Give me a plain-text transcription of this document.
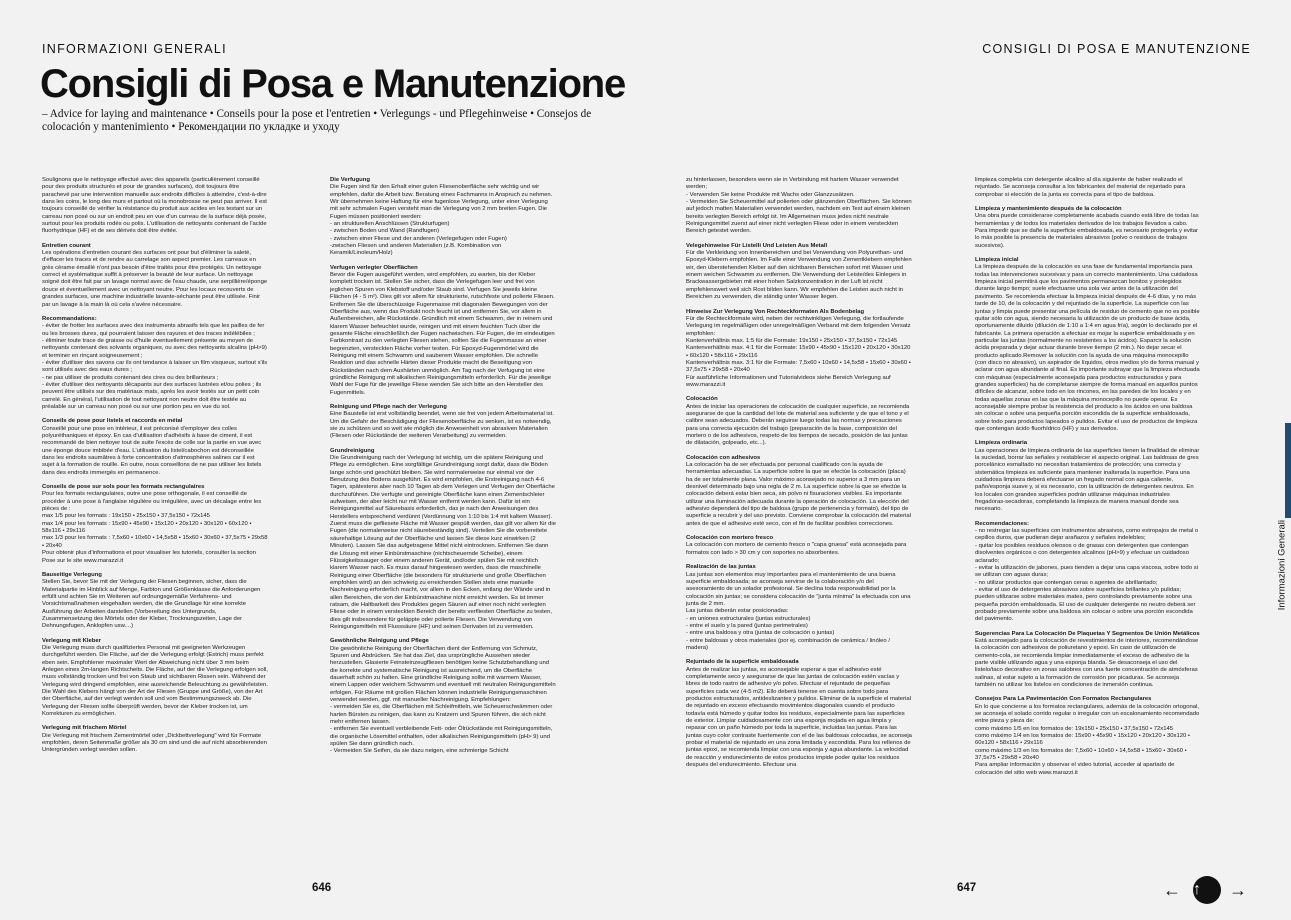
INFORMAZIONI GENERALI
Consigli di Posa e Manutenzione
– Advice for laying and maintenance • Conseils pour la pose et l'entretien • Verlegungs - und Pflegehinweise • Consejos de colocación y mantenimiento • Рекомендации по укладке и уходу

Soulignons que le nettoyage effectué avec des appareils (particulièrement conseillé pour des produits structurés et pour de grandes surfaces), doit toujours être parachevé par une intervention manuelle aux endroits difficiles à atteindre, c'est-à-dire dans les coins, le long des murs et partout où la monobrosse ne peut pas arriver. Il est toujours conseillé de vérifier la résistance du produit aux acides en les testant sur un carreau non posé ou sur un endroit peu en vue d'un carreau de la surface déjà posée, surtout pour les produits rodés ou polis. L'utilisation de nettoyants contenant de l'acide fluorhydrique (HF) et de ses dérivés doit être évitée.

Entretien courant

Les opérations d'entretien courant des surfaces ont pour but d'éliminer la saleté, d'effacer les traces et de rendre au carrelage son aspect premier. Les carreaux en grès cérame émaillé n'ont pas besoin d'être traités pour être protégés. Un nettoyage correct et systématique suffit à préserver la beauté de leur surface. Un nettoyage soigné doit être fait par un lavage normal avec de l'eau chaude, une serpillière/éponge douce et éventuellement avec un nettoyant neutre. Pour les locaux recouverts de grandes surfaces, une machine industrielle lavante-séchante peut être utilisée. Finir par un lavage à la main là où cela s'avère nécessaire.

Recommandations:

- éviter de frotter les surfaces avec des instruments abrasifs tels que les pailles de fer ou les brosses dures, qui pourraient laisser des rayures et des traces indélébiles ;
- éliminer toute trace de graisse ou d'huile éventuellement présente au moyen de nettoyants contenant des solvants organiques, ou avec des nettoyants alcalins (pH>9) et terminer en rinçant soigneusement ;
- éviter d'utiliser des savons car ils ont tendance à laisser un film visqueux, surtout s'ils sont utilisés avec des eaux dures ;
- ne pas utiliser de produits contenant des cires ou des brillanteurs ;
- éviter d'utiliser des nettoyants décapants sur des surfaces lustrées et/ou polies ; ils peuvent être utilisés sur des matériaux mats, après les avoir testés sur un petit coin carrelé. En général, l'utilisation de tout nettoyant non neutre doit être testée au préalable sur un carreau non posé ou sur une portion peu en vue du sol.

Conseils de pose pour listels et raccords en métal

Conseillé pour une pose en intérieur, il est préconisé d'employer des colles polyuréthaniques et époxy. En cas d'utilisation d'adhésifs à base de ciment, il est recommandé de bien nettoyer tout de suite l'excès de colle sur la partie en vue avec une éponge douce imbibée d'eau. L'utilisation du listel/cabochon est déconseillée dans les endroits saumâtres à forte concentration d'atmosphères salines car il est sujet à la formation de rouille. En outre, nous conseillons de ne pas utiliser les listels dans des endroits immergés en permanence.

Conseils de pose sur sols pour les formats rectangulaires

Pour les formats rectangulaires, outre une pose orthogonale, il est conseillé de procéder à une pose à l'anglaise régulière ou irrégulière, avec un décalage entre les pièces de :
max 1/5 pour les formats : 19x150 • 25x150 • 37,5x150 • 72x145
max 1/4 pour les formats : 15x90 • 45x90 • 15x120 • 20x120 • 30x120 • 60x120 • 58x116 • 29x116
max 1/3 pour les formats : 7,5x60 • 10x60 • 14,5x58 • 15x60 • 30x60 • 37,5x75 • 29x58 • 20x40
Pour obtenir plus d'informations et pour visualiser les tutoriels, consulter la section Pose sur le site www.marazzi.it

Bauseitige Verlegung

Stellen Sie, bevor Sie mit der Verlegung der Fliesen beginnen, sicher, dass die Materialpartie im Hinblick auf Menge, Farbton und Größenklasse die Anforderungen erfüllt und achten Sie im Weiteren auf ordnungsgemäße Verfahrens- und Vorsichtsmaßnahmen eingehalten werden, die die Grundlage für eine korrekte Ausführung der Arbeiten darstellen (Vorbereitung des Untergrunds, Zusammensetzung des Mörtels oder der Kleber, Trocknungszeiten, Lage der Dehnungsfugen, Anklopfen usw....)

Verlegung mit Kleber

Die Verlegung muss durch qualifiziertes Personal mit geeigneten Werkzeugen durchgeführt werden. Die Fläche, auf der die Verlegung erfolgt (Estrich) muss perfekt eben sein. Empfohlener maximaler Wert der Abweichung nicht über 3 mm beim Anlegen eines 2m-langen Richtscheits. Die Fläche, auf der die Verlegung erfolgen soll, muss vollständig trocken und frei von Staub und sichtbaren Rissen sein. Während der Verlegung wird dringend empfohlen, eine ausreichende Beleuchtung zu gewährleisten. Die Wahl des Klebers hängt von der Art der Fliesen (Gruppe und Größe), von der Art der Oberfläche, auf der verlegt werden soll und vom Bestimmungszweck ab. Die Verlegung der Fliesen sollte überprüft werden, bevor der Kleber trocken ist, um Korrekturen zu ermöglichen.

Verlegung mit frischem Mörtel

Die Verlegung mit frischem Zementmörtel oder „Dickbettverlegung" wird für Formate empfohlen, deren Seitenmaße größer als 30 cm sind und die auf nicht absorbierenden Untergründen verlegt werden sollen.

Die Verfugung

Die Fugen sind für den Erhalt einer guten Fliesenoberfläche sehr wichtig und wir empfehlen, dafür die Arbeit bzw. Beratung eines Fachmanns in Anspruch zu nehmen. Wir übernehmen keine Haftung für eine fugenlose Verlegung, unter einer Verlegung mit sehr schmalen Fugen versteht man die Verlegung von 2 mm breiten Fugen. Die Fugen müssen positioniert werden:
- an strukturellen Anschlüssen (Strukturfugen)
- zwischen Boden und Wand (Randfugen)
- zwischen einer Fliese und der anderen (Verlegefugen oder Fugen)
-zwischen Fliesen und anderen Materialien (z.B. Kombination von Keramik/Linoleum/Holz)

Verfugen verlegter Oberflächen

Bevor die Fugen ausgeführt werden, wird empfohlen, zu warten, bis der Kleber komplett trocken ist. Stellen Sie sicher, dass die Verlegefugen leer und frei von jeglichen Spuren von Klebstoff und/oder Staub sind. Verfugen Sie jeweils kleine Flächen (4 - 5 m²). Dies gilt vor allem für strukturierte, rutschfeste und polierte Fliesen. Entfernen Sie die überschüssige Fugenmasse mit diagonalen Bewegungen von der Oberfläche aus, wenn das Produkt noch feucht ist und entfernen Sie, vor allem in Außenbereichen, alle Rückstände. Gründlich mit einem Schwamm, der in reinem und klarem Wasser befeuchtet wurde, reinigen und mit einem feuchten Tuch über die gesamte Fläche einschließlich der Fugen nachwischen. Für Fugen, die im eindeutigen Farbkontrast zu den verlegten Fliesen stehen, sollten Sie die Fugenmasse an einer begrenzten, versteckten Fläche vorher testen. Für Epoxyd-Fugenmörtel wird die Reinigung mit einem Schwamm und sauberem Wasser empfohlen. Die schnelle Reaktion und das schnelle Härten dieser Produkte macht die Beseitigung von Rückständen nach dem Aushärten unmöglich. Am Tag nach der Verfugung ist eine gründliche Reinigung mit alkalischen Reinigungsmitteln erforderlich. Für die jeweilige Wahl der Fuge für die jeweilige Fliese wenden Sie sich bitte an den Hersteller des Fugenmittels.

Reinigung und Pflege nach der Verlegung

Eine Baustelle ist erst vollständig beendet, wenn sie frei von jedem Arbeitsmaterial ist. Um die Gefahr der Beschädigung der Fliesenoberfläche zu senken, ist es notwendig, sie zu schützen und so weit wie möglich die Anwesenheit von abrasiven Materialien (Fliesen oder Rückstände der weiteren Verarbeitung) zu vermeiden.

Grundreinigung

Die Grundreinigung nach der Verlegung ist wichtig, um die spätere Reinigung und Pflege zu ermöglichen. Eine sorgfältige Grundreinigung sorgt dafür, dass die Böden lange schön und geschützt bleiben. Sie wird normalerweise nur einmal vor der Benutzung des Bodens ausgeführt. Es wird empfohlen, die Erstreinigung nach 4-6 Tagen, spätestens aber nach 10 Tagen ab dem Verlegen und Verfugen der Oberfläche durchzuführen. Die verfugte und gereinigte Oberfläche kann einen Zementschleier aufweisen, der aber leicht nur mit Wasser entfernt werden kann. Dafür ist ein Reinigungsmittel auf Säurebasis erforderlich, das je nach den Anweisungen des Herstellers entsprechend verdünnt (Verdünnung von 1:10 bis 1:4 mit kaltem Wasser). Zuerst muss die gefliesete Fläche mit Wasser gespült werden, das gilt vor allem für die Fugen (die normalerweise nicht säurebeständig sind). Verteilen Sie die vorbereitete säurehaltige Lösung auf der Oberfläche und lassen Sie diese kurz einwirken (2 Minuten). Lassen Sie das aufgetragene Mittel nicht eintrocknen. Entfernen Sie dann die Lösung mit einer Einbürstmaschine (nichtscheuernde Scheibe), einem Flüssigkeitssauger oder einem anderen Gerät, und/oder spülen Sie mit reichlich klarem Wasser nach. Es muss darauf hingewiesen werden, dass die maschinelle Reinigung einer Oberfläche (die besonders für strukturierte und große Oberflächen empfohlen wird) an den schwierig zu erreichenden Stellen stets eine manuelle Nachreinigung erforderlich macht, vor allem in den Ecken, entlang der Wände und in allen Bereichen, die von der Einbürstmaschine nicht erreicht werden. Es ist immer ratsam, die Haltbarkeit des Produktes gegen Säuren auf einer noch nicht verlegten Fliese oder in einem versteckten Bereich der bereits verfliesten Oberfläche zu testen, dies gilt insbesondere für geläppte oder polierte Fliesen. Die Verwendung von Reinigungsmitteln mit Flusssäure (HF) und seinen Derivaten ist zu vermeiden.

Gewöhnliche Reinigung und Pflege

Die gewöhnliche Reinigung der Oberflächen dient der Entfernung von Schmutz, Spuren und Abdrücken. Sie hat das Ziel, das ursprüngliche Aussehen wieder herzustellen. Glasierte Feinsteinzeugfliesen benötigen keine Schutzbehandlung und die korrekte und systematische Reinigung ist ausreichend, um die Oberfläche dauerhaft schön zu halten. Eine gründliche Reinigung sollte mit warmem Wasser, einem Lappen oder weichem Schwamm und eventuell mit neutralen Reinigungsmitteln erfolgen. Für Räume mit großen Flächen können industrielle Reinigungsmaschinen verwendet werden, ggf. mit manueller Nachreinigung. Empfehlungen:
- vermeiden Sie es, die Oberflächen mit Schleifmitteln, wie Scheuerschwämmen oder harten Bürsten zu reinigen, das kann zu Kratzern und Spuren führen, die sich nicht mehr entfernen lassen.
- entfernen Sie eventuell verbleibende Fett- oder Ölrückstände mit Reinigungsmitteln, die organische Lösemittel enthalten, oder alkalischen Reinigungsmitteln (pH> 9) und spülen Sie dann gründlich nach.
- Vermeiden Sie Seifen, da sie dazu neigen, eine schmierige Schicht

646
CONSIGLI DI POSA E MANUTENZIONE

zu hinterlassen, besonders wenn sie in Verbindung mit hartem Wasser verwendet werden;
- Verwenden Sie keine Produkte mit Wachs oder Glanzzusätzen.
- Vermeiden Sie Scheuermittel auf polierten oder glänzenden Oberflächen. Sie können auf jedoch matten Materialien verwendet werden, nachdem ein Test auf einem kleinen bereits verlegten Bereich erfolgt ist. Im Allgemeinen muss jedes nicht neutrale Reinigungsmittel zuerst auf einer nicht verlegten Fliese oder in einem versteckten Bereich getestet werden.

Velegehinweise Für Listelli Und Leisten Aus Metall

Für die Verkleidung von Innenbereichen und bei Verwendung von Polyurethan- und Epoxyd-Klebern empfohlen. Im Falle einer Verwendung von Zementklebern empfehlen wir, den überstehenden Kleber auf den sichtbaren Bereichen sofort mit Wasser und einem weichen Schwamm zu entfernen. Die Verwendung der Leiste/des Einlegers in Brackwassergebieten mit einer hohen Salzkonzentration in der Luft ist nicht empfehlenswert weil sich Rost bilden kann. Wir empfehlen die Leisten auch nicht in Bereichen zu verwenden, die ständig unter Wasser liegen.

Hinweise Zur Verlegung Von Rechteckformaten Als Bodenbelag

Für die Rechteckformate wird, neben der rechtwinkligen Verlegung, die fortlaufende Verlegung im regelmäßigen oder unregelmäßigen Verband mit dem folgenden Versatz empfohlen:
Kantenverhältnis max. 1:5 für die Formate: 19x150 • 25x150 • 37,5x150 • 72x145
Kantenverhältnis max. 4:1 für die Formate: 15x90 • 45x90 • 15x120 • 20x120 • 30x120 • 60x120 • 58x116 • 29x116
Kantenverhältnis max. 3:1 für die Formate: 7,5x60 • 10x60 • 14,5x58 • 15x60 • 30x60 • 37,5x75 • 29x58 • 20x40
Für ausführliche Informationen und Tutorialvideos siehe Bereich Verlegung auf www.marazzi.it

Colocación

Antes de iniciar las operaciones de colocación de cualquier superficie, se recomienda asegurarse de que la cantidad del lote de material sea suficiente y de que el tono y el calibre sean adecuados. Deberán seguirse luego todas las normas y precauciones para una correcta ejecución del trabajo (preparación de la base, composición del mortero o de los adhesivos, respeto de los tiempos de secado, posición de las juntas de dilatación, golpeado, etc...).

Colocación con adhesivos

La colocación ha de ser efectuada por personal cualificado con la ayuda de herramientas adecuadas. La superficie sobre la que se efectúe la colocación (placa) ha de ser totalmente plana. Valor máximo aconsejado no superior a 3 mm para un desnivel determinado bajo una regla de 2 m. La superficie sobre la que se efectúe la colocación deberá estar bien seca, sin polvo ni fisuraciones visibles. Es importante utilizar una iluminación adecuada durante la operación de colocación. La elección del adhesivo dependerá del tipo de baldosa (grupo de pertenencia y formato), del tipo de superficie a recubrir y del uso previsto. Conviene comprobar la colocación del material antes de que el adhesivo esté seco, con el fin de facilitar posibles correcciones.

Colocación con mortero fresco

La colocación con mortero de cemento fresco o "capa gruesa" está aconsejada para formatos con lado > 30 cm y con soportes no absorbentes.

Realización de las juntas

Las juntas son elementos muy importantes para el mantenimiento de una buena superficie embaldosada; se aconseja servirse de la colaboración y/o del asesoramiento de un solador profesional. Se declina toda responsabilidad por la colocación sin juntas; se considera colocación de "junta mínima" la efectuada con una junta de 2 mm.
Las juntas deberán estar posicionadas:
- en uniones estructurales (juntas estructurales)
- entre el suelo y la pared (juntas perimetrales)
- entre una baldosa y otra (juntas de colocación o juntas)
- entre baldosas y otros materiales (por ej. combinación de cerámica / linóleo / madera)

Rejuntado de la superficie embaldosada

Antes de realizar las juntas, es aconsejable esperar a que el adhesivo esté completamente seco y asegurarse de que las juntas de colocación estén vacías y libres de todo rastro de adhesivo y/o polvo. Efectuar el rejuntado de pequeñas superficies cada vez (4-5 m2). Ello deberá tenerse en cuenta sobre todo para productos estructurados, antideslizantes y pulidos. Eliminar de la superficie el material de rejuntado en exceso efectuando movimientos diagonales cuando el producto todavía está húmedo y quitar todos los residuos, especialmente para las superficies de exterior. Limpiar cuidadosamente con una esponja mojada en agua limpia y repasar con un paño húmedo por toda la superficie, incluidas las juntas. Para las juntas cuyo color contraste fuertemente con el de las baldosas colocadas, se aconseja probar el material de rejuntado en una zona limitada y escondida. Para los rellenos de juntas epoxi, se recomienda limpiar con una esponja y agua abundante. La velocidad de reacción y endurecimiento de estos productos impide poder quitar los residuos después del endurecimiento. Efectuar una

limpieza completa con detergente alcalino al día siguiente de haber realizado el rejuntado. Se aconseja consultar a los fabricantes del material de rejuntado para comprobar si elección de la junta es correcta para el tipo de baldosa.

Limpieza y mantenimiento después de la colocación

Una obra puede considerarse completamente acabada cuando está libre de todas las herramientas y de todos los materiales derivados de los trabajos llevados a cabo. Para impedir que se dañe la superficie embaldosada, es necesario protegerla y evitar lo más posible la presencia de materiales abrasivos (polvo o residuos de trabajos sucesivos).

Limpieza inicial

La limpieza después de la colocación es una fase de fundamental importancia para todas las intervenciones sucesivas y para un correcto mantenimiento. Una cuidadosa limpieza inicial permitirá que los pavimentos permanezcan bonitos y protegidos durante largo tiempo; suele efectuarse una sola vez antes de la utilización del pavimento. Se recomienda efectuar la limpieza inicial después de 4-6 días, y no más tarde de 10, de la colocación y del rejuntado de la superficie. La superficie con las juntas y limpia puede presentar una película de residuo de cemento que no es posible quitar sólo con agua, siendo necesaria la utilización de un producto de base ácida, oportunamente diluido (dilución de 1:10 a 1:4 en agua fría), según lo declarado por el fabricante. La primera operación a efectuar es mojar la superficie embaldosada y en particular las juntas (normalmente no resistentes a los ácidos). Esparcir la solución ácida preparada y dejar actuar durante breve tiempo (2 min.). No dejar secar el producto aplicado.Remover la solución con la ayuda de una máquina monocepillo (con disco no abrasivo), un aspirador de líquidos, otros medios y/o de forma manual y aclarar con agua abundante al final. Es importante subrayar que la limpieza efectuada con máquinas (especialmente aconsejada para productos estructurados y para grandes superficies) ha de completarse siempre de forma manual en aquellos puntos difíciles de alcanzar, sobre todo en los rincones, en las paredes de los locales y en todas aquellas zonas en las que la máquina monocepillo no puede operar. Es aconsejable siempre probar la resistencia del producto a los ácidos en una baldosa sin colocar o sobre una pequeña porción escondida de la superficie embaldosada, sobre todo para productos lapeados o pulidos. Evitar el uso de productos de limpieza que contengan ácido fluorhídrico (HF) y sus derivados.

Limpieza ordinaria

Las operaciones de limpieza ordinaria de las superficies tienen la finalidad de eliminar la suciedad, borrar las señales y restablecer el aspecto original. Las baldosas de gres porcelánico esmaltado no necesitan tratamientos de protección; una correcta y sistemática limpieza es suficiente para mantener inalterada la superficie. Para una cuidadosa limpieza deberá efectuarse un fregado normal con agua caliente, paño/esponja suave y, si es necesario, con la utilización de detergentes neutros. En los locales con grandes superficies podrán utilizarse máquinas industriales fregadoras-secadoras, completando la limpieza de manera manual donde sea necesario.

Recomendaciones:

- no restregar las superficies con instrumentos abrasivos, como estropajos de metal o cepillos duros, que pudieran dejar arañazos y señales indelebles;
- quitar los posibles residuos oleosos o de grasas con detergentes que contengan disolventes orgánicos o con detergentes alcalinos (pH>9) y efectuar un cuidadoso aclarado;
- evitar la utilización de jabones, pues tienden a dejar una capa viscosa, sobre todo si se utilizan con aguas duras;
- no utilizar productos que contengan ceras o agentes de abrillantado;
- evitar el uso de detergentes abrasivos sobre superficies brillantes y/o pulidas; pueden utilizarse sobre materiales mates, pero controlando previamente sobre una pequeña porción embaldosada. El uso de cualquier detergente no neutro deberá ser probado previamente sobre una baldosa sin colocar o sobre una porción escondida del pavimento.

Sugerencias Para La Colocación De Plaquetas Y Segmentos De Unión Metálicos

Está aconsejado para la colocación de revestimientos de interiores, recomendándose la colocación con adhesivos de poliuretano y epoxi. En caso de utilización de cemento-cola, se recomienda limpiar inmediatamente el exceso de adhesivo de la parte visible utilizando agua y una esponja blanda. Se desaconseja el uso del listelo/taco decorativo en zonas salobres con una fuerte concentración de atmósferas salinas, al estar sujeto a la formación de corrosión por picaduras. Se aconseja también no utilizar los listelos en condiciones de inmersión continua.

Consejos Para La Pavimentación Con Formatos Rectangulares

En lo que concierne a los formatos rectangulares, además de la colocación ortogonal, se aconseja el solado corrido regular o irregular con un escalonamiento recomendado entre pieza y pieza de:
como máximo 1/5 en los formatos de: 19x150 • 25x150 • 37,5x150 • 72x145
como máximo 1/4 en los formatos de: 15x90 • 45x90 • 15x120 • 20x120 • 30x120 • 60x120 • 58x116 • 29x116
como máximo 1/3 en los formatos de: 7,5x60 • 10x60 • 14,5x58 • 15x60 • 30x60 • 37,5x75 • 29x58 • 20x40
Para ampliar información y observar el video tutorial, acceder al apartado de colocación del sitio web www.marazzi.it

647
Informazioni Generali
← ↑ →
